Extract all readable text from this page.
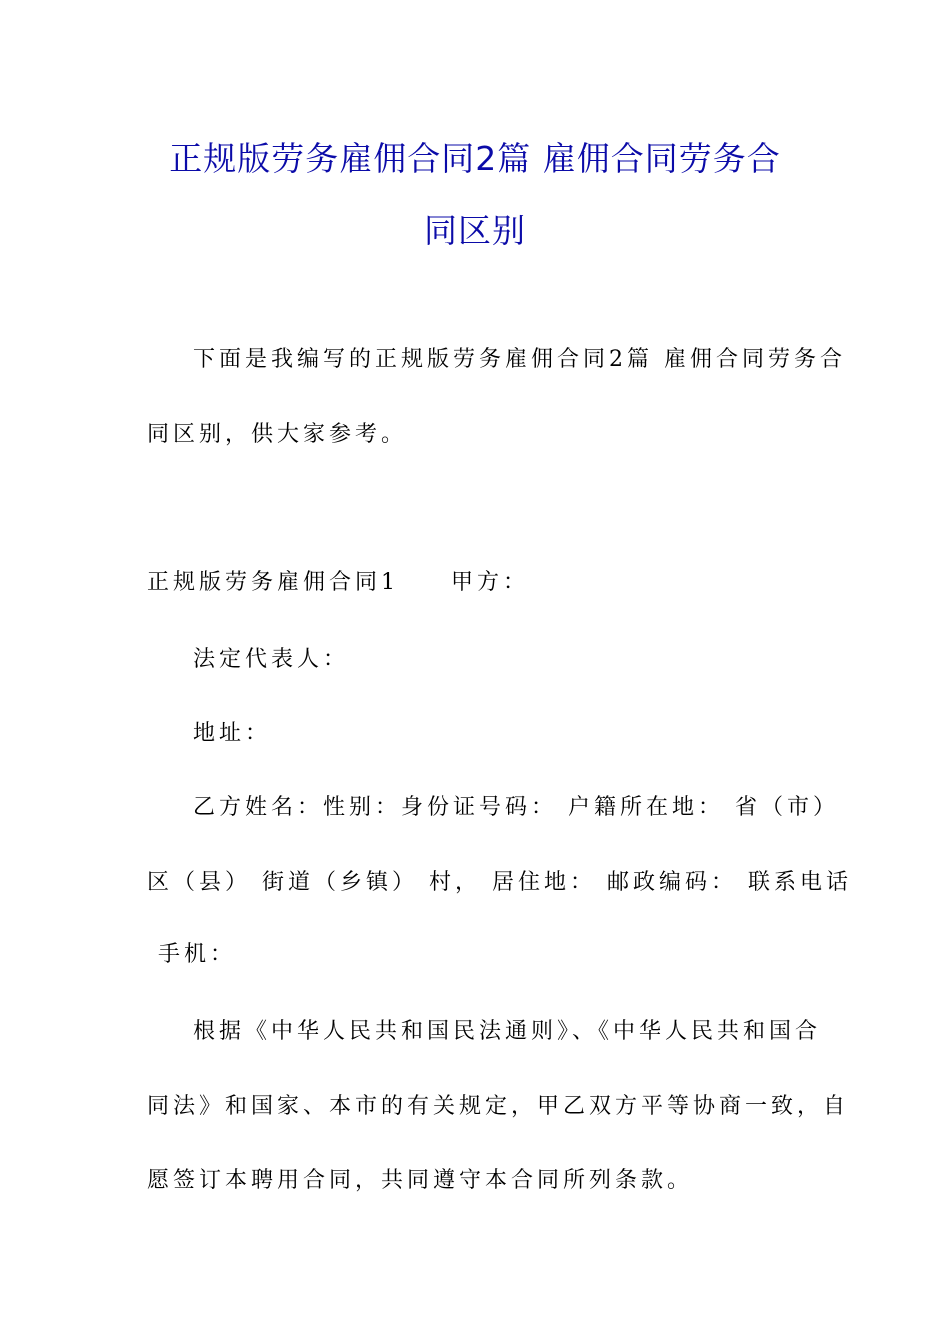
正规版劳务雇佣合同2篇 雇佣合同劳务合
同区别
下面是我编写的正规版劳务雇佣合同2篇 雇佣合同劳务合
同区别，供大家参考。
正规版劳务雇佣合同1 甲方：
法定代表人：
地址：
乙方姓名：性别：身份证号码： 户籍所在地： 省（市）
区（县） 街道（乡镇） 村， 居住地： 邮政编码： 联系电话
手机：
根据《中华人民共和国民法通则》、《中华人民共和国合
同法》和国家、本市的有关规定，甲乙双方平等协商一致，自
愿签订本聘用合同，共同遵守本合同所列条款。
